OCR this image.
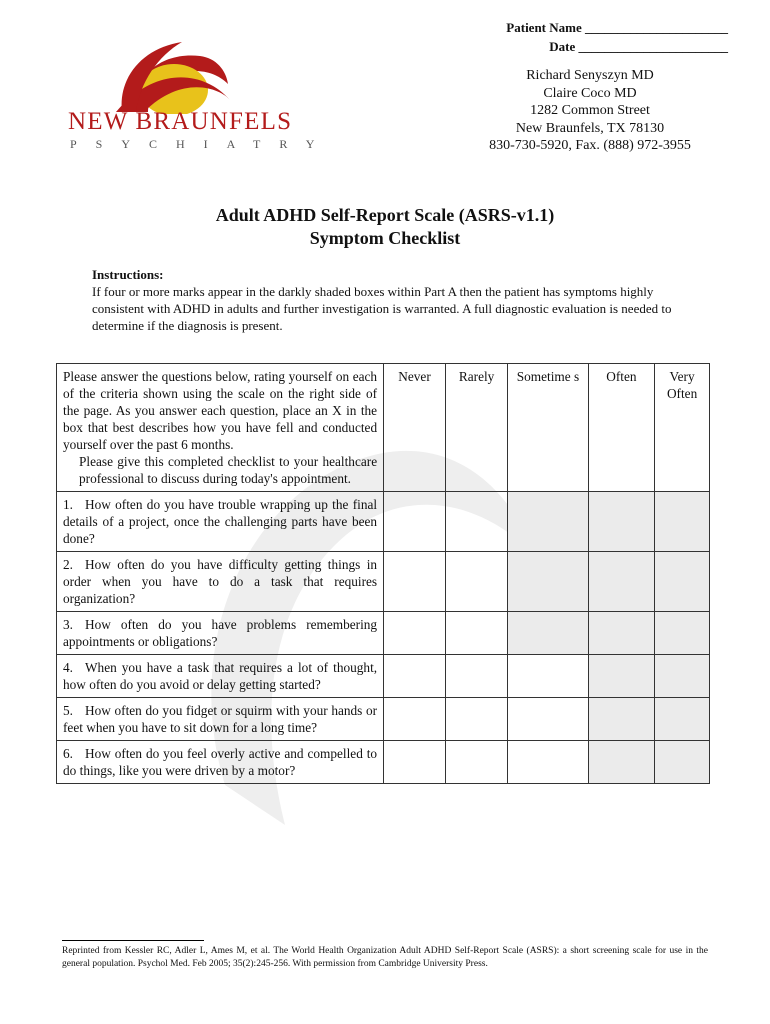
Patient Name ______________________
Date _______________________
NEW BRAUNFELS
PSYCHIATRY
Richard Senyszyn MD
Claire Coco MD
1282 Common Street
New Braunfels, TX 78130
830-730-5920, Fax. (888) 972-3955
Adult ADHD Self-Report Scale (ASRS-v1.1)
Symptom Checklist
Instructions:
If four or more marks appear in the darkly shaded boxes within Part A then the patient has symptoms highly consistent with ADHD in adults and further investigation is warranted. A full diagnostic evaluation is needed to determine if the diagnosis is present.
Please answer the questions below, rating yourself on each of the criteria shown using the scale on the right side of the page. As you answer each question, place an X in the box that best describes how you have fell and conducted yourself over the past 6 months.
Please give this completed checklist to your healthcare professional to discuss during today's appointment.	Never	Rarely	Sometime s	Often	Very Often
1. How often do you have trouble wrapping up the final details of a project, once the challenging parts have been done?					
2. How often do you have difficulty getting things in order when you have to do a task that requires organization?					
3. How often do you have problems remembering appointments or obligations?					
4. When you have a task that requires a lot of thought, how often do you avoid or delay getting started?					
5. How often do you fidget or squirm with your hands or feet when you have to sit down for a long time?					
6. How often do you feel overly active and compelled to do things, like you were driven by a motor?					
Reprinted from Kessler RC, Adler L, Ames M, et al. The World Health Organization Adult ADHD Self-Report Scale (ASRS): a short screening scale for use in the general population. Psychol Med. Feb 2005; 35(2):245-256. With permission from Cambridge University Press.
